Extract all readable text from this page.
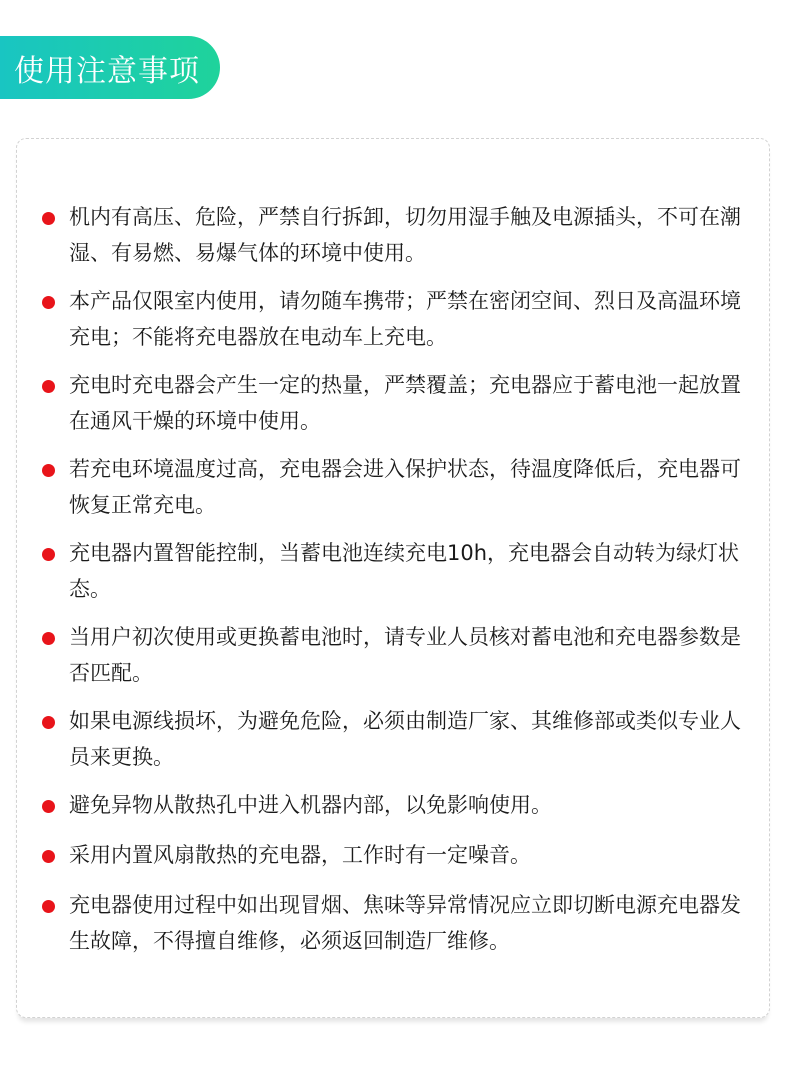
使用注意事项
机内有高压、危险，严禁自行拆卸，切勿用湿手触及电源插头，不可在潮湿、有易燃、易爆气体的环境中使用。
本产品仅限室内使用，请勿随车携带；严禁在密闭空间、烈日及高温环境充电；不能将充电器放在电动车上充电。
充电时充电器会产生一定的热量，严禁覆盖；充电器应于蓄电池一起放置在通风干燥的环境中使用。
若充电环境温度过高，充电器会进入保护状态，待温度降低后，充电器可恢复正常充电。
充电器内置智能控制，当蓄电池连续充电10h，充电器会自动转为绿灯状态。
当用户初次使用或更换蓄电池时，请专业人员核对蓄电池和充电器参数是否匹配。
如果电源线损坏，为避免危险，必须由制造厂家、其维修部或类似专业人员来更换。
避免异物从散热孔中进入机器内部，以免影响使用。
采用内置风扇散热的充电器，工作时有一定噪音。
充电器使用过程中如出现冒烟、焦味等异常情况应立即切断电源充电器发生故障，不得擅自维修，必须返回制造厂维修。
